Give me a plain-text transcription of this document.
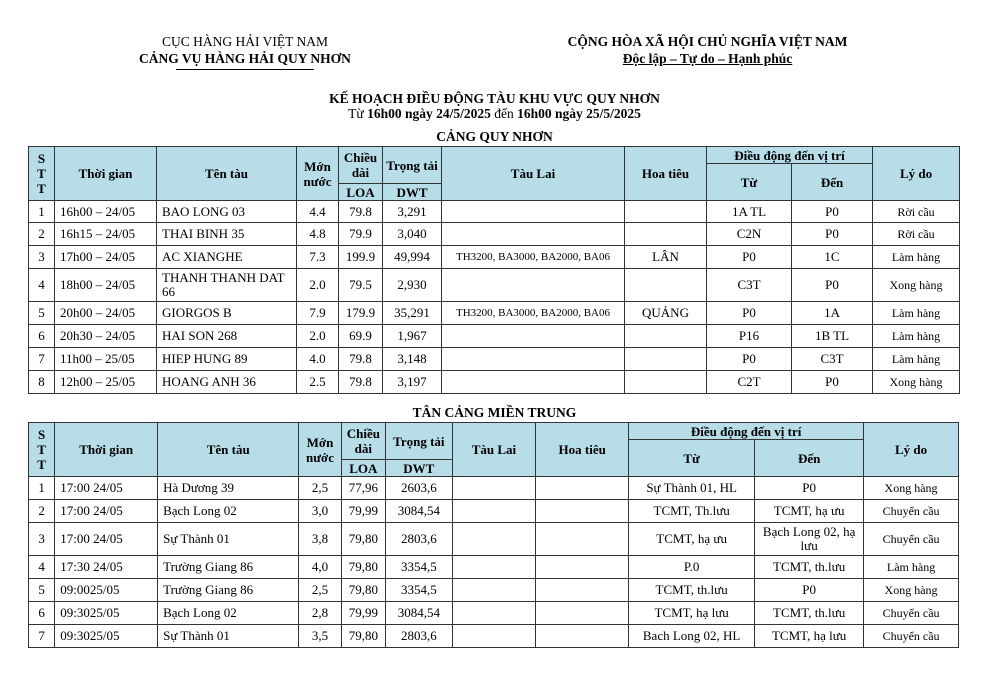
CỤC HÀNG HẢI VIỆT NAM
CẢNG VỤ HÀNG HẢI QUY NHƠN
CỘNG HÒA XÃ HỘI CHỦ NGHĨA VIỆT NAM
Độc lập – Tự do – Hạnh phúc
KẾ HOẠCH ĐIỀU ĐỘNG TÀU KHU VỰC QUY NHƠN
Từ 16h00 ngày 24/5/2025 đến 16h00 ngày 25/5/2025
CẢNG QUY NHƠN
S
T
T	Thời gian	Tên tàu	Mớn nước	Chiều dài	Trọng tải	Tàu Lai	Hoa tiêu	Điều động đến vị trí		Lý do
								Từ	Đến	
				LOA	DWT					
1	16h00 – 24/05	BAO LONG 03	4.4	79.8	3,291			1A TL	P0	Rời cầu
2	16h15 – 24/05	THAI BINH 35	4.8	79.9	3,040			C2N	P0	Rời cầu
3	17h00 – 24/05	AC XIANGHE	7.3	199.9	49,994	TH3200, BA3000, BA2000, BA06	LÂN	P0	1C	Làm hàng
4	18h00 – 24/05	THANH THANH DAT 66	2.0	79.5	2,930			C3T	P0	Xong hàng
5	20h00 – 24/05	GIORGOS B	7.9	179.9	35,291	TH3200, BA3000, BA2000, BA06	QUẢNG	P0	1A	Làm hàng
6	20h30 – 24/05	HAI SON 268	2.0	69.9	1,967			P16	1B TL	Làm hàng
7	11h00 – 25/05	HIEP HUNG 89	4.0	79.8	3,148			P0	C3T	Làm hàng
8	12h00 – 25/05	HOANG ANH 36	2.5	79.8	3,197			C2T	P0	Xong hàng
TÂN CẢNG MIỀN TRUNG
S
T
T	Thời gian	Tên tàu	Mớn nước	Chiều dài	Trọng tải	Tàu Lai	Hoa tiêu	Điều động đến vị trí		Lý do
								Từ	Đến	
				LOA	DWT					
1	17:00 24/05	Hà Dương 39	2,5	77,96	2603,6			Sự Thành 01, HL	P0	Xong hàng
2	17:00 24/05	Bạch Long 02	3,0	79,99	3084,54			TCMT, Th.lưu	TCMT, hạ ưu	Chuyển cầu
3	17:00 24/05	Sự Thành 01	3,8	79,80	2803,6			TCMT, hạ ưu	Bạch Long 02, hạ lưu	Chuyển cầu
4	17:30 24/05	Trường Giang 86	4,0	79,80	3354,5			P.0	TCMT, th.lưu	Làm hàng
5	09:0025/05	Trường Giang 86	2,5	79,80	3354,5			TCMT, th.lưu	P0	Xong hàng
6	09:3025/05	Bạch Long 02	2,8	79,99	3084,54			TCMT, hạ lưu	TCMT, th.lưu	Chuyển cầu
7	09:3025/05	Sự Thành 01	3,5	79,80	2803,6			Bach Long 02, HL	TCMT, hạ lưu	Chuyển cầu
